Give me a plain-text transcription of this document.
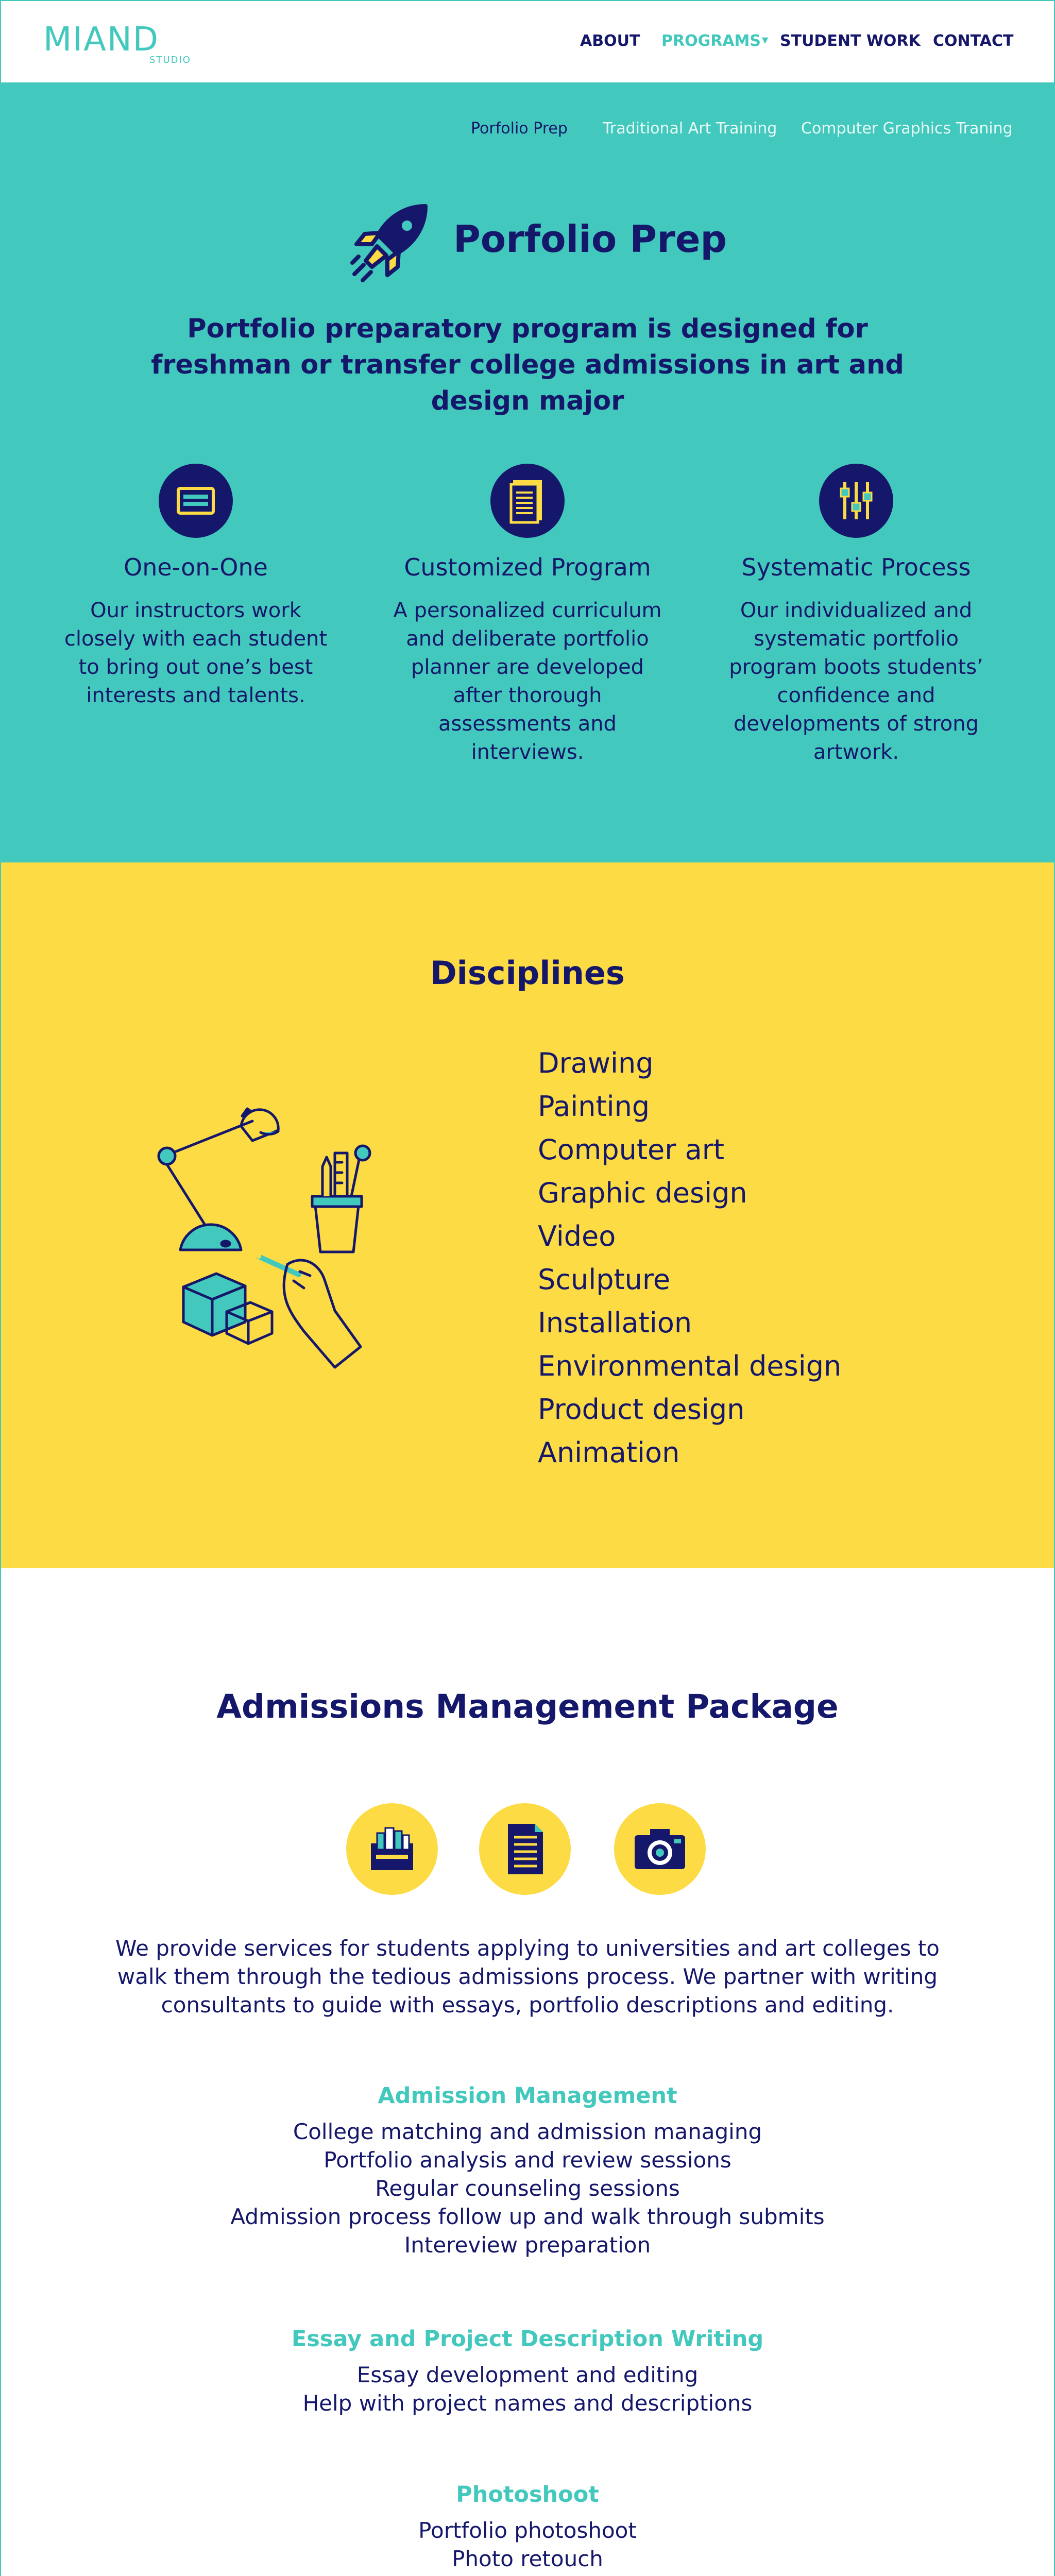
MIAND
STUDIO
ABOUT PROGRAMS ▼ STUDENT WORK CONTACT
Porfolio Prep Traditional Art Training Computer Graphics Traning
Porfolio Prep
Portfolio preparatory program is designed for freshman or transfer college admissions in art and design major
One-on-One
Our instructors work closely with each student to bring out one’s best interests and talents.
Customized Program
A personalized curriculum and deliberate portfolio planner are developed after thorough assessments and interviews.
Systematic Process
Our individualized and systematic portfolio program boots students’ confidence and developments of strong artwork.
Disciplines
Drawing
Painting
Computer art
Graphic design
Video
Sculpture
Installation
Environmental design
Product design
Animation
Admissions Management Package
We provide services for students applying to universities and art colleges to walk them through the tedious admissions process. We partner with writing consultants to guide with essays, portfolio descriptions and editing.
Admission Management
College matching and admission managing
Portfolio analysis and review sessions
Regular counseling sessions
Admission process follow up and walk through submits
Intereview preparation
Essay and Project Description Writing
Essay development and editing
Help with project names and descriptions
Photoshoot
Portfolio photoshoot
Photo retouch
